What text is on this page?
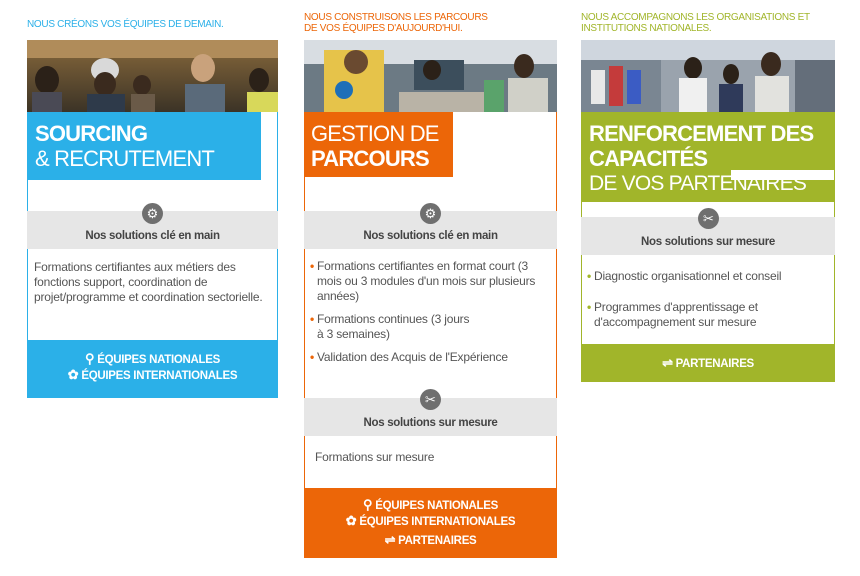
NOUS CRÉONS VOS ÉQUIPES DE DEMAIN.
SOURCING
& RECRUTEMENT
⚙
Nos solutions clé en main
Formations certifiantes aux métiers des fonctions support, coordination de projet/programme et coordination sectorielle.
⚲ ÉQUIPES NATIONALES
✿ ÉQUIPES INTERNATIONALES
NOUS CONSTRUISONS LES PARCOURS
DE VOS ÉQUIPES D'AUJOURD'HUI.
GESTION DE
PARCOURS
⚙
Nos solutions clé en main
• Formations certifiantes en format court (3 mois ou 3 modules d'un mois sur plusieurs années)
• Formations continues (3 jours à 3 semaines)
• Validation des Acquis de l'Expérience
✂
Nos solutions sur mesure
Formations sur mesure
⚲ ÉQUIPES NATIONALES
✿ ÉQUIPES INTERNATIONALES
⇌ PARTENAIRES
NOUS ACCOMPAGNONS LES ORGANISATIONS ET
INSTITUTIONS NATIONALES.
RENFORCEMENT DES
CAPACITÉS
DE VOS PARTENAIRES
✂
Nos solutions sur mesure
• Diagnostic organisationnel et conseil
• Programmes d'apprentissage et d'accompagnement sur mesure
⇌ PARTENAIRES
